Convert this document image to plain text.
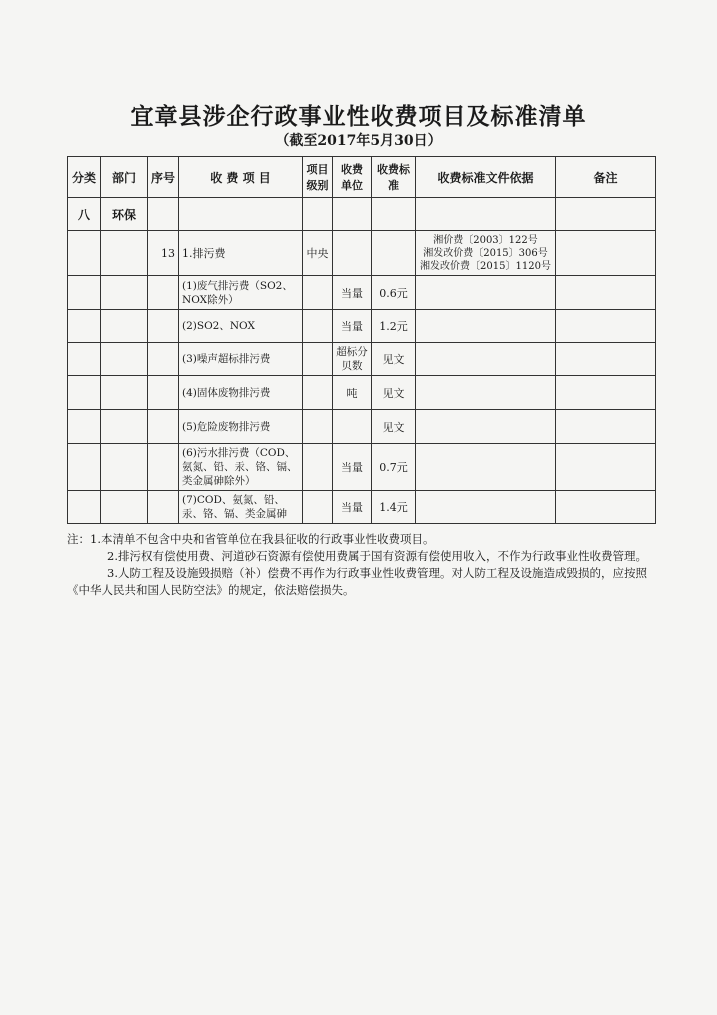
宜章县涉企行政事业性收费项目及标准清单
（截至2017年5月30日）
分类	部门	序号	收 费 项 目	项目级别	收费单位	收费标准	收费标准文件依据	备注
八	环保							
		13	1.排污费	中央			湘价费〔2003〕122号
湘发改价费〔2015〕306号
湘发改价费〔2015〕1120号	

			(1)废气排污费（SO2、NOX除外）		当量	0.6元		
			(2)SO2、NOX		当量	1.2元		
			(3)噪声超标排污费		超标分贝数	见文		
			(4)固体废物排污费		吨	见文		
			(5)危险废物排污费			见文		
			(6)污水排污费（COD、氨氮、铅、汞、铬、镉、类金属砷除外）		当量	0.7元		
			(7)COD、氨氮、铅、汞、铬、镉、类金属砷		当量	1.4元		

注：1.本清单不包含中央和省管单位在我县征收的行政事业性收费项目。

2.排污权有偿使用费、河道砂石资源有偿使用费属于国有资源有偿使用收入，不作为行政事业性收费管理。

3.人防工程及设施毁损赔（补）偿费不再作为行政事业性收费管理。对人防工程及设施造成毁损的，应按照《中华人民共和国人民防空法》的规定，依法赔偿损失。
